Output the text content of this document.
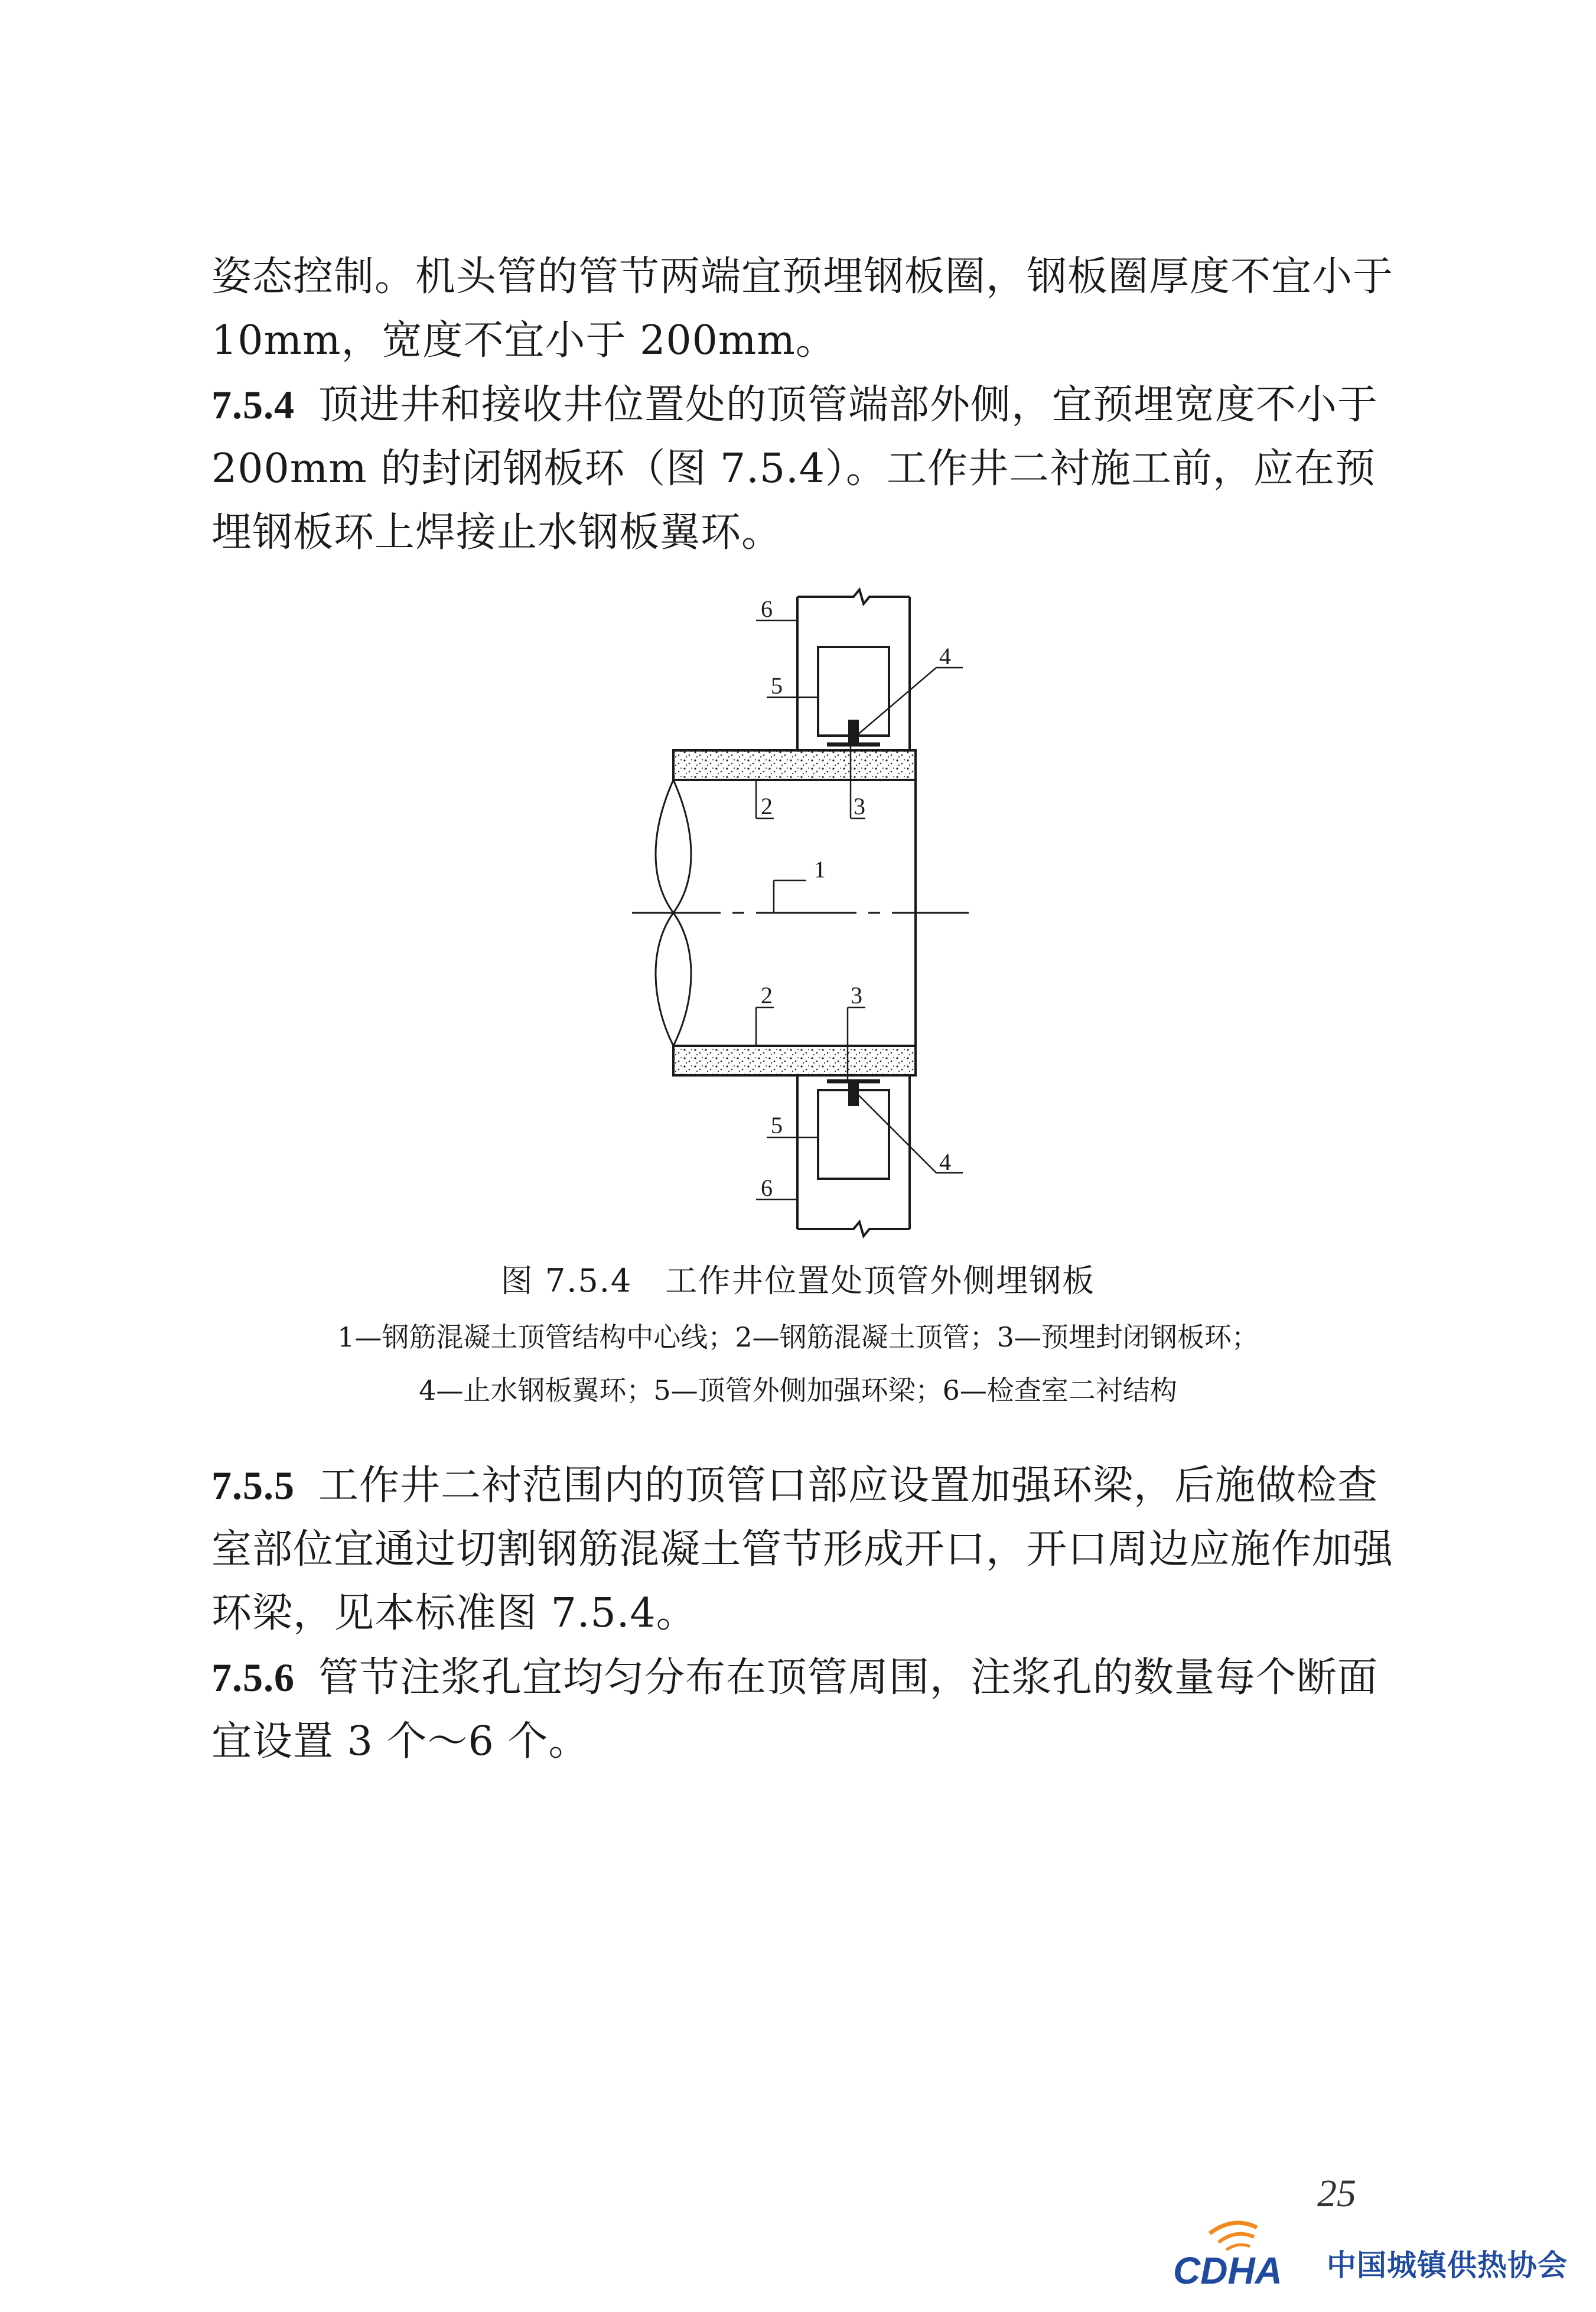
姿态控制。机头管的管节两端宜预埋钢板圈，钢板圈厚度不宜小于 10mm，宽度不宜小于 200mm。

7.5.4 顶进井和接收井位置处的顶管端部外侧，宜预埋宽度不小于 200mm 的封闭钢板环（图 7.5.4）。工作井二衬施工前，应在预埋钢板环上焊接止水钢板翼环。

6
5
4
2	3
1
2	3
5
4
6

图 7.5.4　工作井位置处顶管外侧埋钢板

1—钢筋混凝土顶管结构中心线；2—钢筋混凝土顶管；3—预埋封闭钢板环；

4—止水钢板翼环；5—顶管外侧加强环梁；6—检查室二衬结构

7.5.5 工作井二衬范围内的顶管口部应设置加强环梁，后施做检查室部位宜通过切割钢筋混凝土管节形成开口，开口周边应施作加强环梁，见本标准图 7.5.4。

7.5.6 管节注浆孔宜均匀分布在顶管周围，注浆孔的数量每个断面宜设置 3 个～6 个。

25
CDHA 中国城镇供热协会
